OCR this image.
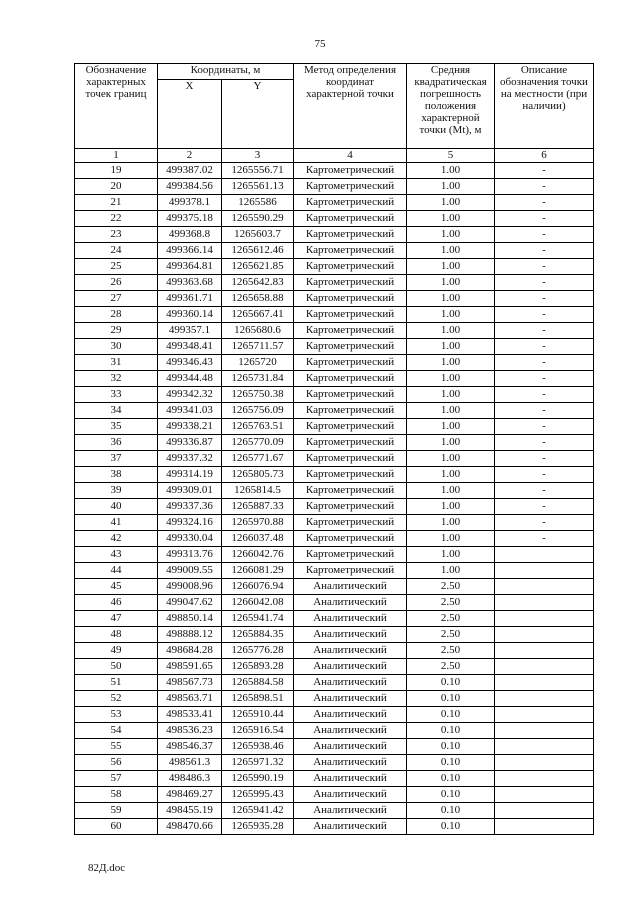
75
Обозначение характерных точек границ	Координаты, м		Метод определения координат характерной точки	Средняя квадратическая погрешность положения характерной точки (Mt), м	Описание обозначения точки на местности (при наличии)
	X	Y			
1	2	3	4	5	6
19	499387.02	1265556.71	Картометрический	1.00	-
20	499384.56	1265561.13	Картометрический	1.00	-
21	499378.1	1265586	Картометрический	1.00	-
22	499375.18	1265590.29	Картометрический	1.00	-
23	499368.8	1265603.7	Картометрический	1.00	-
24	499366.14	1265612.46	Картометрический	1.00	-
25	499364.81	1265621.85	Картометрический	1.00	-
26	499363.68	1265642.83	Картометрический	1.00	-
27	499361.71	1265658.88	Картометрический	1.00	-
28	499360.14	1265667.41	Картометрический	1.00	-
29	499357.1	1265680.6	Картометрический	1.00	-
30	499348.41	1265711.57	Картометрический	1.00	-
31	499346.43	1265720	Картометрический	1.00	-
32	499344.48	1265731.84	Картометрический	1.00	-
33	499342.32	1265750.38	Картометрический	1.00	-
34	499341.03	1265756.09	Картометрический	1.00	-
35	499338.21	1265763.51	Картометрический	1.00	-
36	499336.87	1265770.09	Картометрический	1.00	-
37	499337.32	1265771.67	Картометрический	1.00	-
38	499314.19	1265805.73	Картометрический	1.00	-
39	499309.01	1265814.5	Картометрический	1.00	-
40	499337.36	1265887.33	Картометрический	1.00	-
41	499324.16	1265970.88	Картометрический	1.00	-
42	499330.04	1266037.48	Картометрический	1.00	-
43	499313.76	1266042.76	Картометрический	1.00	
44	499009.55	1266081.29	Картометрический	1.00	
45	499008.96	1266076.94	Аналитический	2.50	
46	499047.62	1266042.08	Аналитический	2.50	
47	498850.14	1265941.74	Аналитический	2.50	
48	498888.12	1265884.35	Аналитический	2.50	
49	498684.28	1265776.28	Аналитический	2.50	
50	498591.65	1265893.28	Аналитический	2.50	
51	498567.73	1265884.58	Аналитический	0.10	
52	498563.71	1265898.51	Аналитический	0.10	
53	498533.41	1265910.44	Аналитический	0.10	
54	498536.23	1265916.54	Аналитический	0.10	
55	498546.37	1265938.46	Аналитический	0.10	
56	498561.3	1265971.32	Аналитический	0.10	
57	498486.3	1265990.19	Аналитический	0.10	
58	498469.27	1265995.43	Аналитический	0.10	
59	498455.19	1265941.42	Аналитический	0.10	
60	498470.66	1265935.28	Аналитический	0.10	
82Д.doc
